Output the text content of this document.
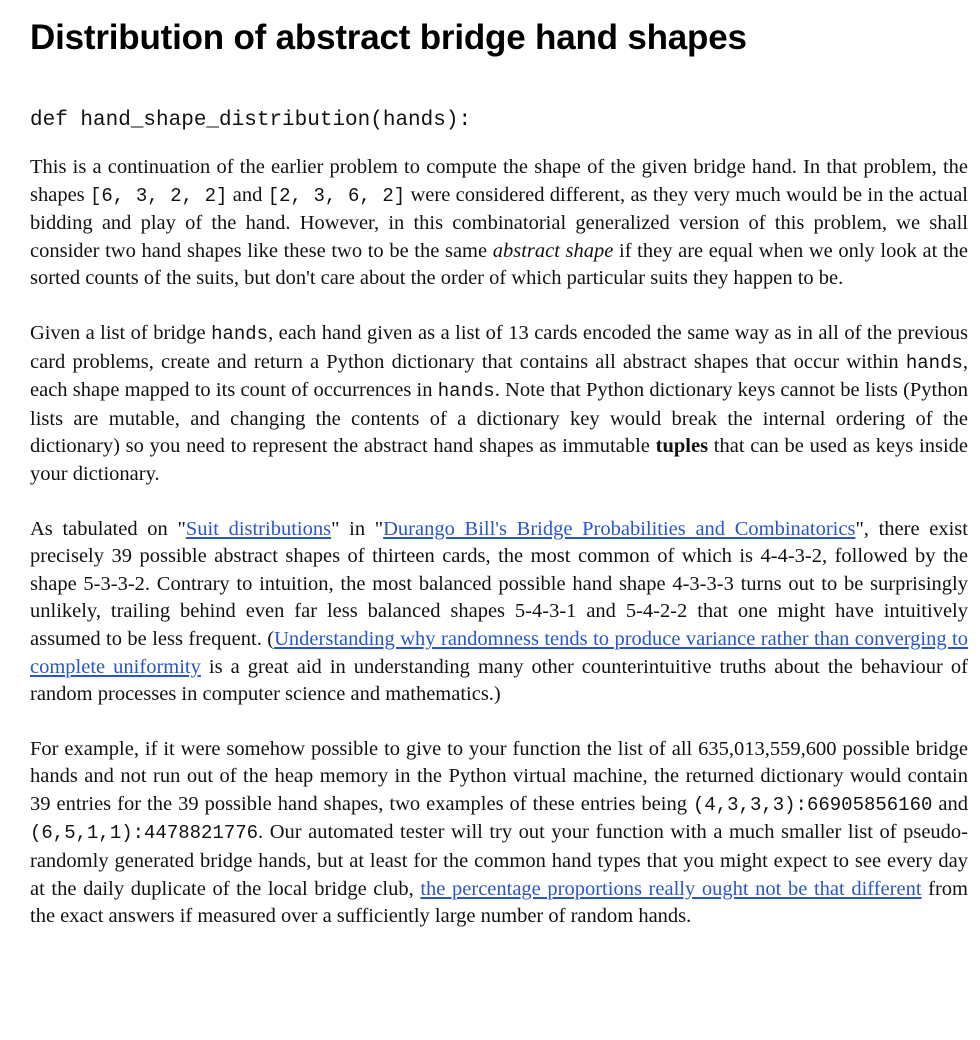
Distribution of abstract bridge hand shapes
def hand_shape_distribution(hands):

This is a continuation of the earlier problem to compute the shape of the given bridge hand. In that problem, the shapes [6, 3, 2, 2] and [2, 3, 6, 2] were considered different, as they very much would be in the actual bidding and play of the hand. However, in this combinatorial generalized version of this problem, we shall consider two hand shapes like these two to be the same abstract shape if they are equal when we only look at the sorted counts of the suits, but don't care about the order of which particular suits they happen to be.

Given a list of bridge hands, each hand given as a list of 13 cards encoded the same way as in all of the previous card problems, create and return a Python dictionary that contains all abstract shapes that occur within hands, each shape mapped to its count of occurrences in hands. Note that Python dictionary keys cannot be lists (Python lists are mutable, and changing the contents of a dictionary key would break the internal ordering of the dictionary) so you need to represent the abstract hand shapes as immutable tuples that can be used as keys inside your dictionary.

As tabulated on "Suit distributions" in "Durango Bill's Bridge Probabilities and Combinatorics", there exist precisely 39 possible abstract shapes of thirteen cards, the most common of which is 4-4-3-2, followed by the shape 5-3-3-2. Contrary to intuition, the most balanced possible hand shape 4-3-3-3 turns out to be surprisingly unlikely, trailing behind even far less balanced shapes 5-4-3-1 and 5-4-2-2 that one might have intuitively assumed to be less frequent. (Understanding why randomness tends to produce variance rather than converging to complete uniformity is a great aid in understanding many other counterintuitive truths about the behaviour of random processes in computer science and mathematics.)

For example, if it were somehow possible to give to your function the list of all 635,013,559,600 possible bridge hands and not run out of the heap memory in the Python virtual machine, the returned dictionary would contain 39 entries for the 39 possible hand shapes, two examples of these entries being (4,3,3,3):66905856160 and (6,5,1,1):4478821776. Our automated tester will try out your function with a much smaller list of pseudo-randomly generated bridge hands, but at least for the common hand types that you might expect to see every day at the daily duplicate of the local bridge club, the percentage proportions really ought not be that different from the exact answers if measured over a sufficiently large number of random hands.
